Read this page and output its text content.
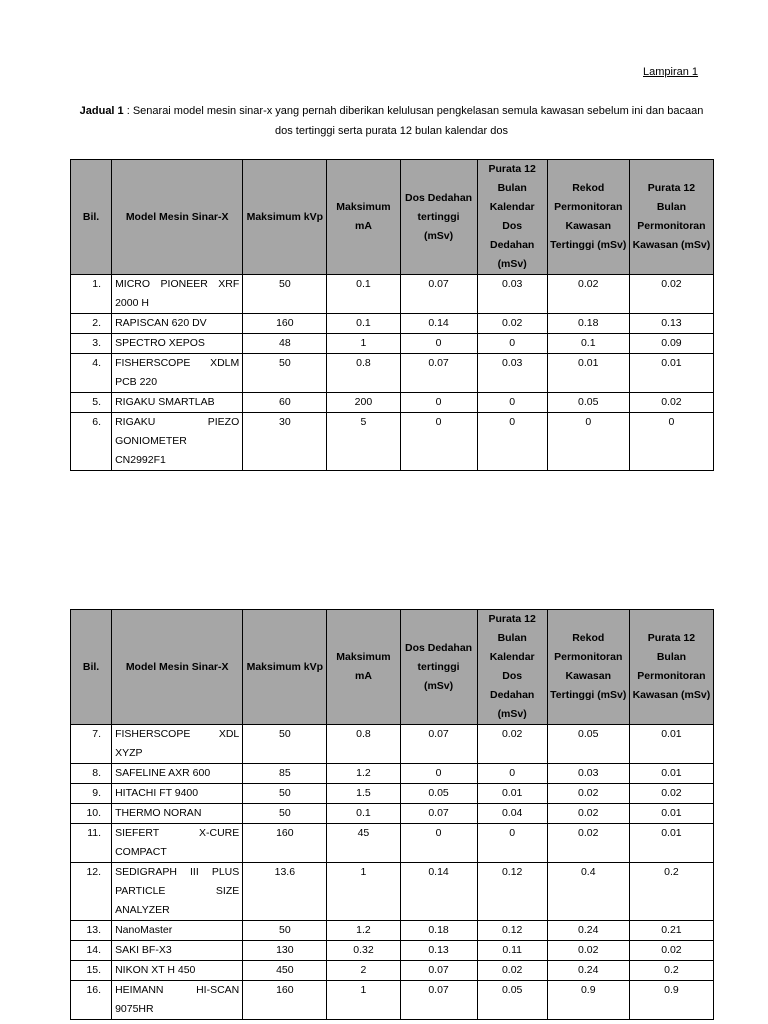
Lampiran 1
Jadual 1 : Senarai model mesin sinar-x yang pernah diberikan kelulusan pengkelasan semula kawasan sebelum ini dan bacaan dos tertinggi serta purata 12 bulan kalendar dos
Bil.	Model Mesin Sinar-X	Maksimum kVp	Maksimum mA	Dos Dedahan tertinggi (mSv)	Purata 12 Bulan Kalendar Dos Dedahan (mSv)	Rekod Permonitoran Kawasan Tertinggi (mSv)	Purata 12 Bulan Permonitoran Kawasan (mSv)
1.	MICRO PIONEER XRF 2000 H	50	0.1	0.07	0.03	0.02	0.02
2.	RAPISCAN 620 DV	160	0.1	0.14	0.02	0.18	0.13
3.	SPECTRO XEPOS	48	1	0	0	0.1	0.09
4.	FISHERSCOPE XDLM PCB 220	50	0.8	0.07	0.03	0.01	0.01
5.	RIGAKU SMARTLAB	60	200	0	0	0.05	0.02
6.	RIGAKU PIEZO GONIOMETER CN2992F1	30	5	0	0	0	0
Bil.	Model Mesin Sinar-X	Maksimum kVp	Maksimum mA	Dos Dedahan tertinggi (mSv)	Purata 12 Bulan Kalendar Dos Dedahan (mSv)	Rekod Permonitoran Kawasan Tertinggi (mSv)	Purata 12 Bulan Permonitoran Kawasan (mSv)
7.	FISHERSCOPE XDL XYZP	50	0.8	0.07	0.02	0.05	0.01
8.	SAFELINE AXR 600	85	1.2	0	0	0.03	0.01
9.	HITACHI FT 9400	50	1.5	0.05	0.01	0.02	0.02
10.	THERMO NORAN	50	0.1	0.07	0.04	0.02	0.01
11.	SIEFERT X-CURE COMPACT	160	45	0	0	0.02	0.01
12.	SEDIGRAPH III PLUS PARTICLE SIZE ANALYZER	13.6	1	0.14	0.12	0.4	0.2
13.	NanoMaster	50	1.2	0.18	0.12	0.24	0.21
14.	SAKI BF-X3	130	0.32	0.13	0.11	0.02	0.02
15.	NIKON XT H 450	450	2	0.07	0.02	0.24	0.2
16.	HEIMANN HI-SCAN 9075HR	160	1	0.07	0.05	0.9	0.9
